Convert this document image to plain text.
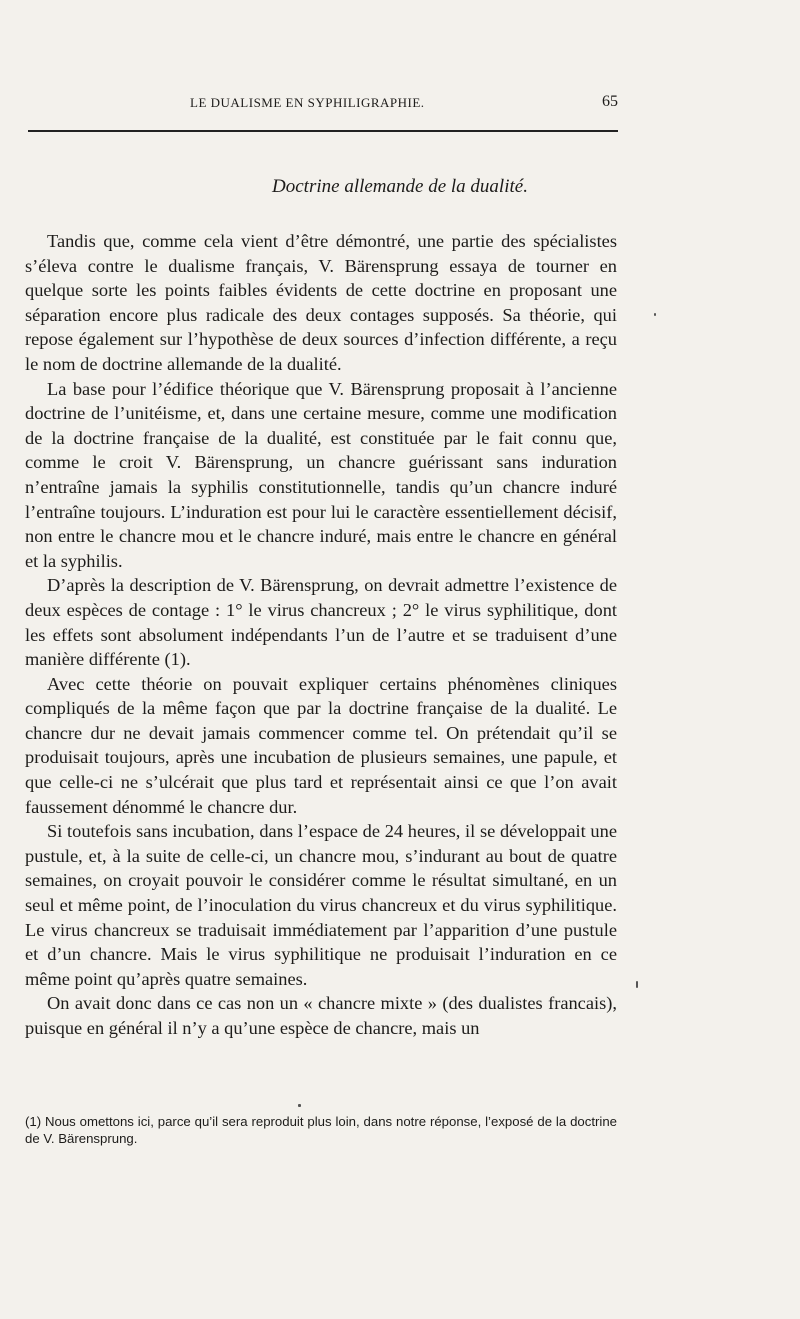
LE DUALISME EN SYPHILIGRAPHIE.	65
Doctrine allemande de la dualité.

Tandis que, comme cela vient d’être démontré, une partie des spécialistes s’éleva contre le dualisme français, V. Bärensprung essaya de tourner en quelque sorte les points faibles évidents de cette doctrine en proposant une séparation encore plus radicale des deux contages supposés. Sa théorie, qui repose également sur l’hypothèse de deux sources d’infection différente, a reçu le nom de doctrine allemande de la dualité.

La base pour l’édifice théorique que V. Bärensprung proposait à l’ancienne doctrine de l’unitéisme, et, dans une certaine mesure, comme une modification de la doctrine française de la dualité, est constituée par le fait connu que, comme le croit V. Bärensprung, un chancre guérissant sans induration n’entraîne jamais la syphilis constitutionnelle, tandis qu’un chancre induré l’entraîne toujours. L’induration est pour lui le caractère essentiellement décisif, non entre le chancre mou et le chancre induré, mais entre le chancre en général et la syphilis.

D’après la description de V. Bärensprung, on devrait admettre l’existence de deux espèces de contage : 1° le virus chancreux ; 2° le virus syphilitique, dont les effets sont absolument indépendants l’un de l’autre et se traduisent d’une manière différente (1).

Avec cette théorie on pouvait expliquer certains phénomènes cliniques compliqués de la même façon que par la doctrine française de la dualité. Le chancre dur ne devait jamais commencer comme tel. On prétendait qu’il se produisait toujours, après une incubation de plusieurs semaines, une papule, et que celle-ci ne s’ulcérait que plus tard et représentait ainsi ce que l’on avait faussement dénommé le chancre dur.

Si toutefois sans incubation, dans l’espace de 24 heures, il se développait une pustule, et, à la suite de celle-ci, un chancre mou, s’indurant au bout de quatre semaines, on croyait pouvoir le considérer comme le résultat simultané, en un seul et même point, de l’inoculation du virus chancreux et du virus syphilitique. Le virus chancreux se traduisait immédiatement par l’apparition d’une pustule et d’un chancre. Mais le virus syphilitique ne produisait l’induration en ce même point qu’après quatre semaines.

On avait donc dans ce cas non un « chancre mixte » (des dualistes francais), puisque en général il n’y a qu’une espèce de chancre, mais un

(1) Nous omettons ici, parce qu’il sera reproduit plus loin, dans notre réponse, l’exposé de la doctrine de V. Bärensprung.
